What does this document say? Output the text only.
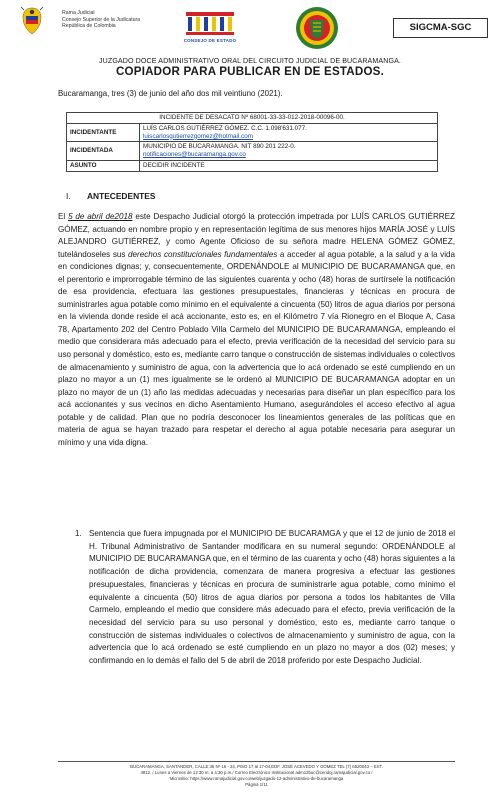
Rama Judicial
Consejo Superior de la Judicatura
República de Colombia
CONSEJO DE ESTADO
SIGCMA-SGC
JUZGADO DOCE ADMINISTRATIVO ORAL DEL CIRCUITO JUDICIAL DE BUCARAMANGA.
COPIADOR PARA PUBLICAR EN DE ESTADOS.
Bucaramanga, tres (3) de junio del año dos mil veintiuno (2021).
INCIDENTE DE DESACATO Nº 68001-33-33-012-2018-00096-00.	
INCIDENTANTE	LUÍS CARLOS GUTIÉRREZ GÓMEZ. C.C. 1.098'631.077.
luiscarlosgutierrezgomez@hotmail.com

INCIDENTADA	MUNICIPIO DE BUCARAMANGA. NIT 890 201 222-0.
notificaciones@bucaramanga.gov.co

ASUNTO	DECIDIR INCIDENTE
I. ANTECEDENTES

El 5 de abril de2018 este Despacho Judicial otorgó la protección impetrada por LUÍS CARLOS GUTIÉRREZ GÓMEZ, actuando en nombre propio y en representación legítima de sus menores hijos MARÍA JOSÉ y LUÍS ALEJANDRO GUTIÉRREZ, y como Agente Oficioso de su señora madre HELENA GÓMEZ GÓMEZ, tutelándoseles sus derechos constitucionales fundamentales a acceder al agua potable, a la salud y a la vida en condiciones dignas; y, consecuentemente, ORDENÁNDOLE al MUNICIPIO DE BUCARAMANGA que, en el perentorio e improrrogable término de las siguientes cuarenta y ocho (48) horas de surtírsele la notificación de esa providencia, efectuara las gestiones presupuestales, financieras y técnicas en procura de suministrarles agua potable como mínimo en el equivalente a cincuenta (50) litros de agua diarios por persona en la vivienda donde reside el acá accionante, esto es, en el Kilómetro 7 vía Rionegro en el Bloque A, Casa 78, Apartamento 202 del Centro Poblado Villa Carmelo del MUNICIPIO DE BUCARAMANGA, empleando el medio que considerara más adecuado para el efecto, previa verificación de la necesidad del servicio para su uso personal y doméstico, esto es, mediante carro tanque o construcción de sistemas individuales o colectivos de almacenamiento y suministro de agua, con la advertencia que lo acá ordenado se esté cumpliendo en un plazo no mayor a un (1) mes igualmente se le ordenó al MUNICIPIO DE BUCARAMANGA adoptar en un plazo no mayor de un (1) año las medidas adecuadas y necesarias para diseñar un plan específico para los acá accionantes y sus vecinos en dicho Asentamiento Humano, asegurándoles el acceso efectivo al agua potable y de calidad. Plan que no podría desconocer los lineamientos generales de las políticas que en materia de agua se hayan trazado para respetar el derecho al agua potable necesaria para asegurar un mínimo y una vida digna.

1. Sentencia que fuera impugnada por el MUNICIPIO DE BUCARAMGA y que el 12 de junio de 2018 el H. Tribunal Administrativo de Santander modificara en su numeral segundo: ORDENÁNDOLE al MUNICIPIO DE BUCARAMANGA que, en el término de las cuarenta y ocho (48) horas siguientes a la notificación de dicha providencia, comenzara de manera progresiva a efectuar las gestiones presupuestales, financieras y técnicas en procura de suministrarle agua potable, como mínimo el equivalente a cincuenta (50) litros de agua diarios por persona a todos los habitantes de Villa Carmelo, empleando el medio que considere más adecuado para el efecto, previa verificación de la necesidad del servicio para su uso personal y doméstico, esto es, mediante carro tanque o construcción de sistemas individuales o colectivos de almacenamiento y suministro de agua, con la advertencia que lo acá ordenado se esté cumpliendo en un plazo no mayor a dos (02) meses; y confirmando en lo demás el fallo del 5 de abril de 2018 proferido por este Despacho Judicial.

BUCARAMANGA, SANTANDER, CALLE 36 Nº 16 - 24, PISO 17 al 17-04,EDF. JOSÉ ACEVEDO Y GÓMEZ TEL (7) 6520043 – EXT.
4812. / Lunes a Viernes de 12:30 m. a 4:30 p.m./ Correo Electrónico Institucional adm12buc@cendoj.ramajudicial.gov.co /
Micrositio: https://www.ramajudicial.gov.co/web/juzgado-12-administrativo-de-bucaramanga
Página 1/11
